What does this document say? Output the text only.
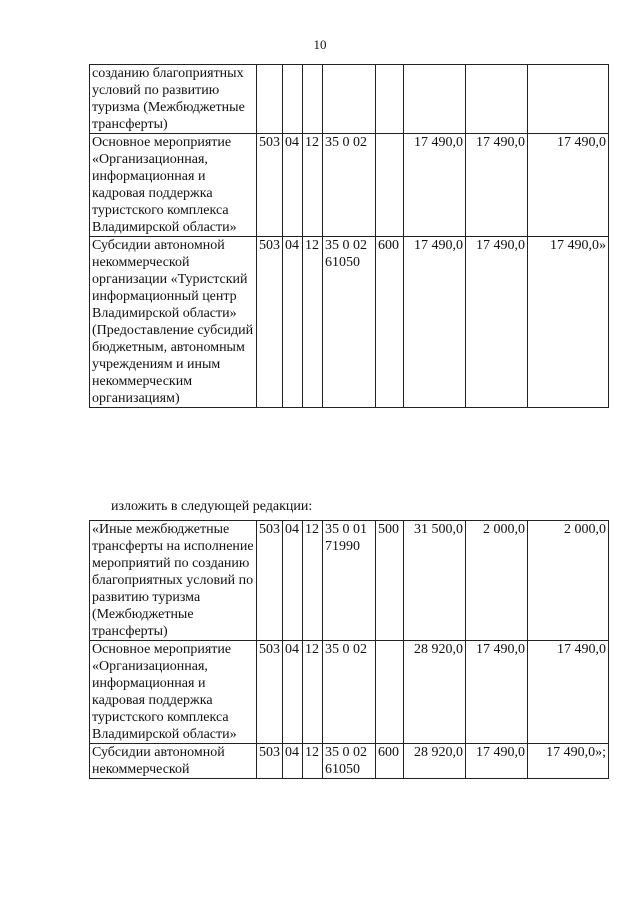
10
созданию благоприятных условий по развитию туризма (Межбюджетные трансферты)								
Основное мероприятие «Организационная, информационная и кадровая поддержка туристского комплекса Владимирской области»	503	04	12	35 0 02		17 490,0	17 490,0	17 490,0
Субсидии автономной некоммерческой организации «Туристский информационный центр Владимирской области» (Предоставление субсидий бюджетным, автономным учреждениям и иным некоммерческим организациям)	503	04	12	35 0 02 61050	600	17 490,0	17 490,0	17 490,0»
изложить в следующей редакции:
«Иные межбюджетные трансферты на исполнение мероприятий по созданию благоприятных условий по развитию туризма (Межбюджетные трансферты)	503	04	12	35 0 01 71990	500	31 500,0	2 000,0	2 000,0
Основное мероприятие «Организационная, информационная и кадровая поддержка туристского комплекса Владимирской области»	503	04	12	35 0 02		28 920,0	17 490,0	17 490,0
Субсидии автономной некоммерческой	503	04	12	35 0 02 61050	600	28 920,0	17 490,0	17 490,0»;
